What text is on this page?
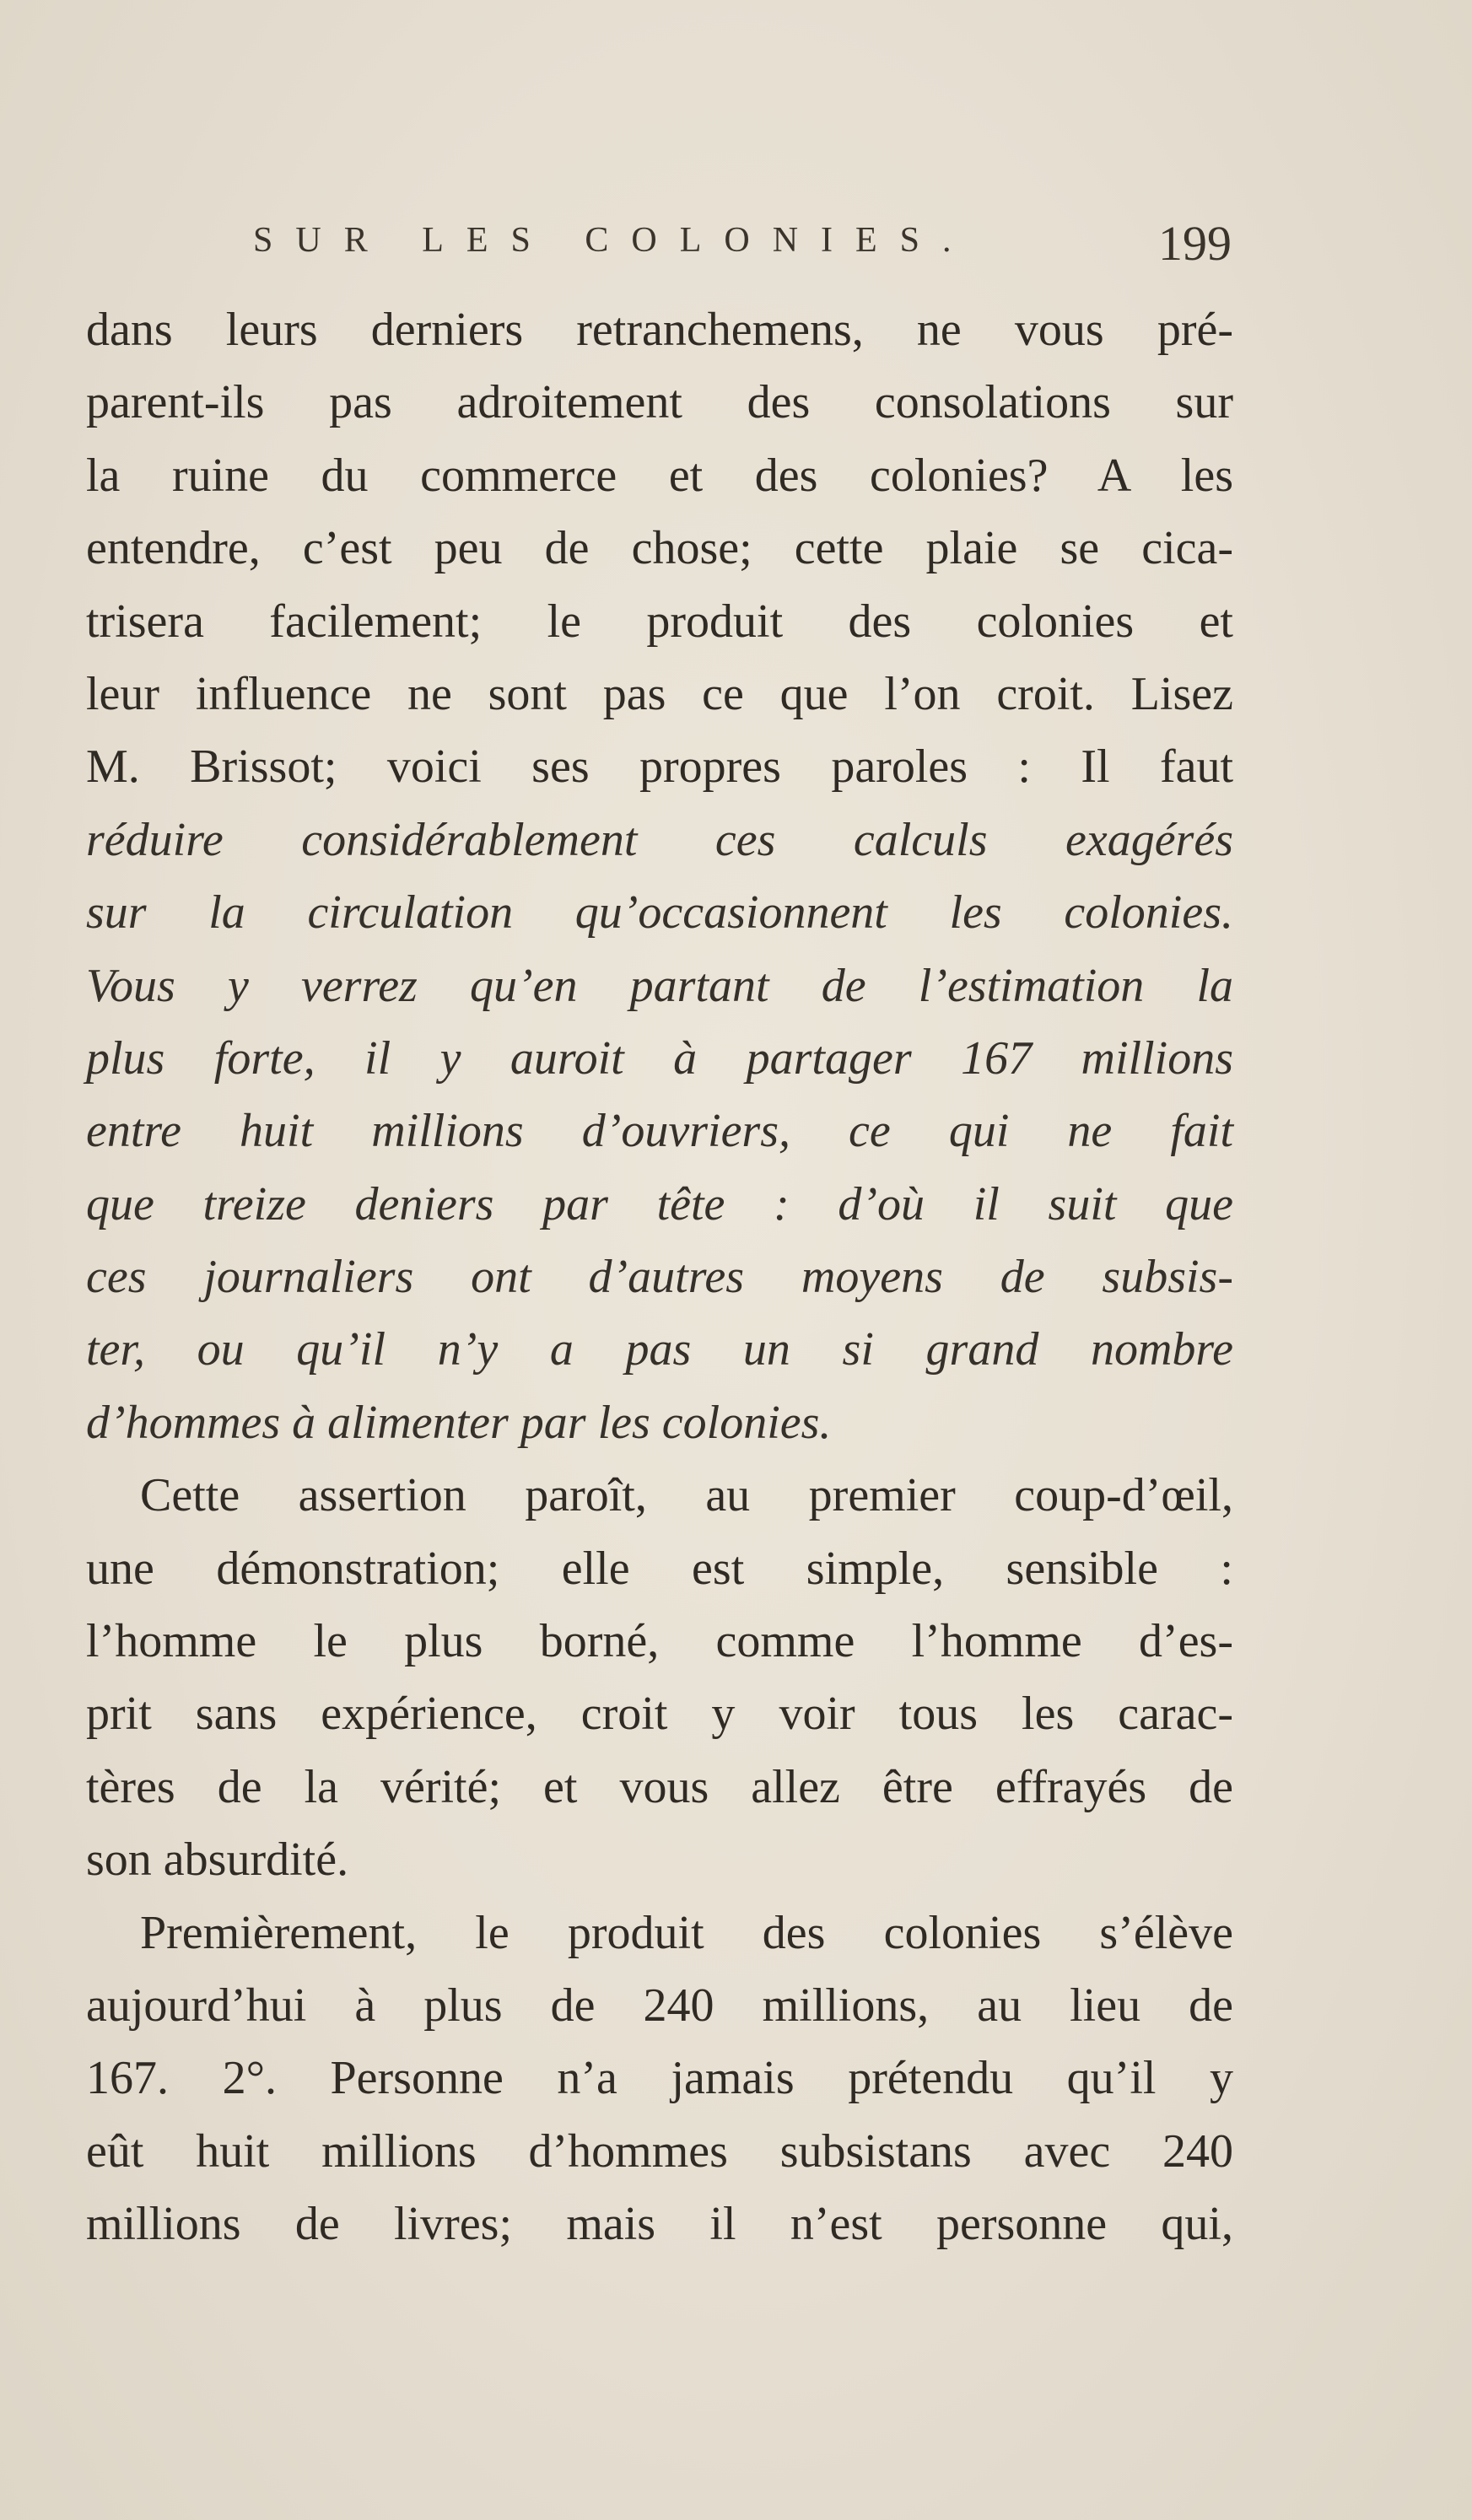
SUR LES COLONIES.	199
dans leurs derniers retranchemens, ne vous pré-
parent-ils pas adroitement des consolations sur
la ruine du commerce et des colonies? A les
entendre, c’est peu de chose; cette plaie se cica-
trisera facilement; le produit des colonies et
leur influence ne sont pas ce que l’on croit. Lisez
M. Brissot; voici ses propres paroles : Il faut
réduire considérablement ces calculs exagérés
sur la circulation qu’occasionnent les colonies.
Vous y verrez qu’en partant de l’estimation la
plus forte, il y auroit à partager 167 millions
entre huit millions d’ouvriers, ce qui ne fait
que treize deniers par tête : d’où il suit que
ces journaliers ont d’autres moyens de subsis-
ter, ou qu’il n’y a pas un si grand nombre
d’hommes à alimenter par les colonies.
Cette assertion paroît, au premier coup-d’œil,
une démonstration; elle est simple, sensible :
l’homme le plus borné, comme l’homme d’es-
prit sans expérience, croit y voir tous les carac-
tères de la vérité; et vous allez être effrayés de
son absurdité.
Premièrement, le produit des colonies s’élève
aujourd’hui à plus de 240 millions, au lieu de
167. 2°. Personne n’a jamais prétendu qu’il y
eût huit millions d’hommes subsistans avec 240
millions de livres; mais il n’est personne qui,
